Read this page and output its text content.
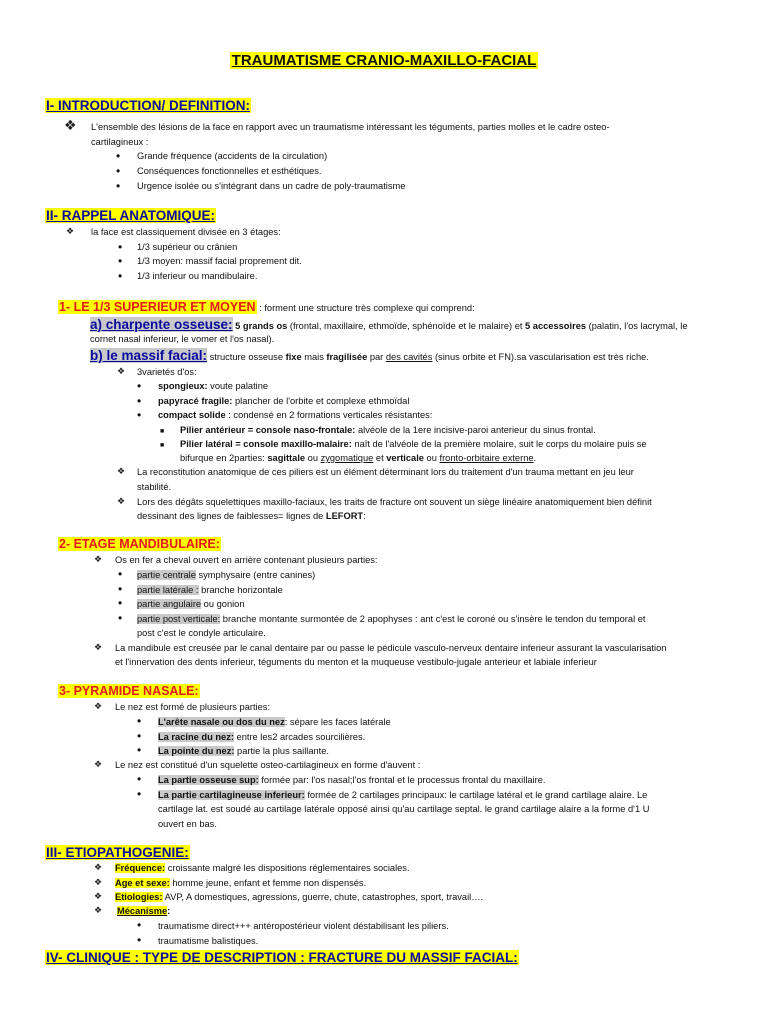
TRAUMATISME CRANIO-MAXILLO-FACIAL
I- INTRODUCTION/ DEFINITION:
❖ L'ensemble des lésions de la face en rapport avec un traumatisme intéressant les téguments, parties molles et le cadre osteo-
cartilagineux :
• Grande fréquence (accidents de la circulation)
• Conséquences fonctionnelles et esthétiques.
• Urgence isolée ou s'intégrant dans un cadre de poly-traumatisme
II- RAPPEL ANATOMIQUE:
❖ la face est classiquement divisée en 3 étages:
• 1/3 supérieur ou crânien
• 1/3 moyen: massif facial proprement dit.
• 1/3 inferieur ou mandibulaire.
1- LE 1/3 SUPERIEUR ET MOYEN : forment une structure très complexe qui comprend:
a) charpente osseuse: 5 grands os (frontal, maxillaire, ethmoïde, sphénoïde et le malaire) et 5 accessoires (palatin, l'os lacrymal, le
cornet nasal inferieur, le vomer et l'os nasal).
b) le massif facial: structure osseuse fixe mais fragilisée par des cavités (sinus orbite et FN).sa vascularisation est très riche.
❖ 3varietés d'os:
• spongieux: voute palatine
• papyracé fragile: plancher de l'orbite et complexe ethmoïdal
• compact solide : condensé en 2 formations verticales résistantes:
■ Pilier antérieur = console naso-frontale: alvéole de la 1ere incisive-paroi anterieur du sinus frontal.
■ Pilier latéral = console maxillo-malaire: naît de l'alvéole de la première molaire, suit le corps du molaire puis se
bifurque en 2parties: sagittale ou zygomatique et verticale ou fronto-orbitaire externe.
❖ La reconstitution anatomique de ces piliers est un élément déterminant lors du traitement d'un trauma mettant en jeu leur
stabilité.
❖ Lors des dégâts squelettiques maxillo-faciaux, les traits de fracture ont souvent un siège linéaire anatomiquement bien définit
dessinant des lignes de faiblesses= lignes de LEFORT:
2- ETAGE MANDIBULAIRE:
❖ Os en fer a cheval ouvert en arrière contenant plusieurs parties:
• partie centrale symphysaire (entre canines)
• partie latérale : branche horizontale
• partie angulaire ou gonion
• partie post verticale: branche montante surmontée de 2 apophyses : ant c'est le coroné ou s'insère le tendon du temporal et
post c'est le condyle articulaire.
❖ La mandibule est creusée par le canal dentaire par ou passe le pédicule vasculo-nerveux dentaire inferieur assurant la vascularisation
et l'innervation des dents inferieur, téguments du menton et la muqueuse vestibulo-jugale anterieur et labiale inferieur
3- PYRAMIDE NASALE:
❖ Le nez est formé de plusieurs parties:
• L'arête nasale ou dos du nez: sépare les faces latérale
• La racine du nez: entre les2 arcades sourcilières.
• La pointe du nez: partie la plus saillante.
❖ Le nez est constitué d'un squelette osteo-cartilagineux en forme d'auvent :
• La partie osseuse sup: formée par: l'os nasal;l'os frontal et le processus frontal du maxillaire.
• La partie cartilagineuse inferieur: formée de 2 cartilages principaux: le cartilage latéral et le grand cartilage alaire. Le
cartilage lat. est soudé au cartilage latérale opposé ainsi qu'au cartilage septal. le grand cartilage alaire a la forme d'1 U
ouvert en bas.
III- ETIOPATHOGENIE:
❖ Fréquence: croissante malgré les dispositions réglementaires sociales.
❖ Age et sexe: homme jeune, enfant et femme non dispensés.
❖ Etiologies: AVP, A domestiques, agressions, guerre, chute, catastrophes, sport, travail….
❖ Mécanisme:
• traumatisme direct+++ antéropostérieur violent déstabilisant les piliers.
• traumatisme balistiques.
IV- CLINIQUE : TYPE DE DESCRIPTION : FRACTURE DU MASSIF FACIAL:
